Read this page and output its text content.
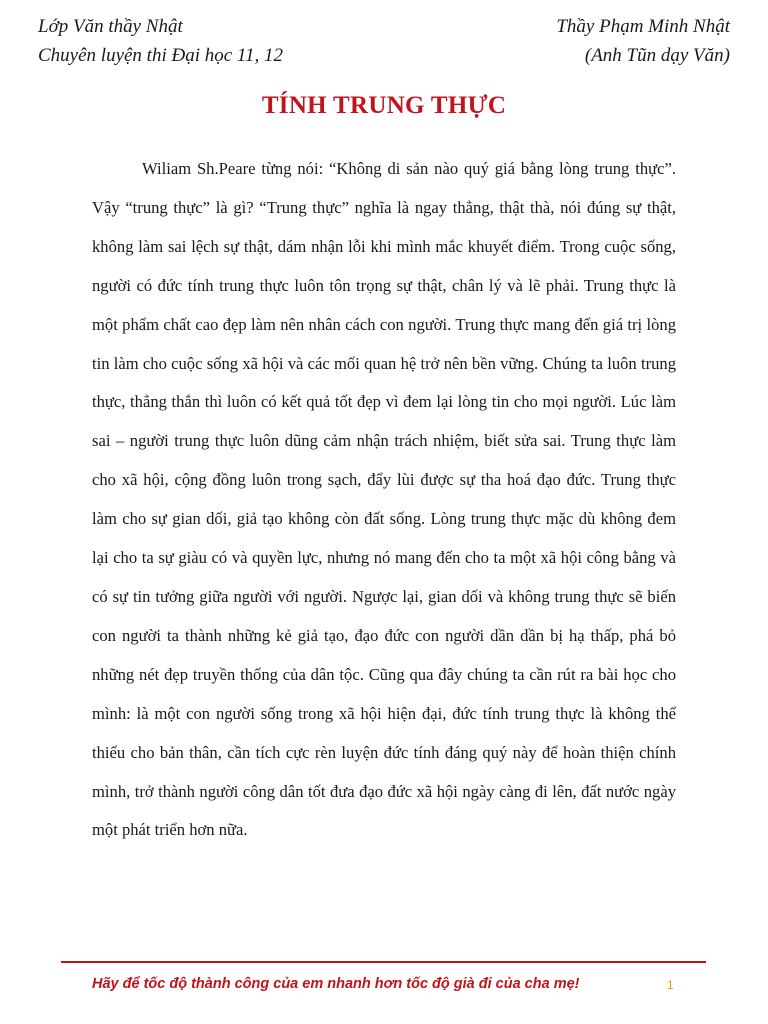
Lớp Văn thầy Nhật	Thầy Phạm Minh Nhật
Chuyên luyện thi Đại học 11, 12	(Anh Tũn dạy Văn)
TÍNH TRUNG THỰC

Wiliam Sh.Peare từng nói: “Không di sản nào quý giá bằng lòng trung thực”. Vậy “trung thực” là gì? “Trung thực” nghĩa là ngay thẳng, thật thà, nói đúng sự thật, không làm sai lệch sự thật, dám nhận lỗi khi mình mắc khuyết điểm. Trong cuộc sống, người có đức tính trung thực luôn tôn trọng sự thật, chân lý và lẽ phải. Trung thực là một phẩm chất cao đẹp làm nên nhân cách con người. Trung thực mang đến giá trị lòng tin làm cho cuộc sống xã hội và các mối quan hệ trở nên bền vững. Chúng ta luôn trung thực, thẳng thắn thì luôn có kết quả tốt đẹp vì đem lại lòng tin cho mọi người. Lúc làm sai – người trung thực luôn dũng cảm nhận trách nhiệm, biết sửa sai. Trung thực làm cho xã hội, cộng đồng luôn trong sạch, đẩy lùi được sự tha hoá đạo đức. Trung thực làm cho sự gian dối, giả tạo không còn đất sống. Lòng trung thực mặc dù không đem lại cho ta sự giàu có và quyền lực, nhưng nó mang đến cho ta một xã hội công bằng và có sự tin tưởng giữa người với người. Ngược lại, gian dối và không trung thực sẽ biến con người ta thành những kẻ giả tạo, đạo đức con người dần dần bị hạ thấp, phá bỏ những nét đẹp truyền thống của dân tộc. Cũng qua đây chúng ta cần rút ra bài học cho mình: là một con người sống trong xã hội hiện đại, đức tính trung thực là không thể thiếu cho bản thân, cần tích cực rèn luyện đức tính đáng quý này để hoàn thiện chính mình, trở thành người công dân tốt đưa đạo đức xã hội ngày càng đi lên, đất nước ngày một phát triển hơn nữa.

Hãy để tốc độ thành công của em nhanh hơn tốc độ già đi của cha mẹ!	1
